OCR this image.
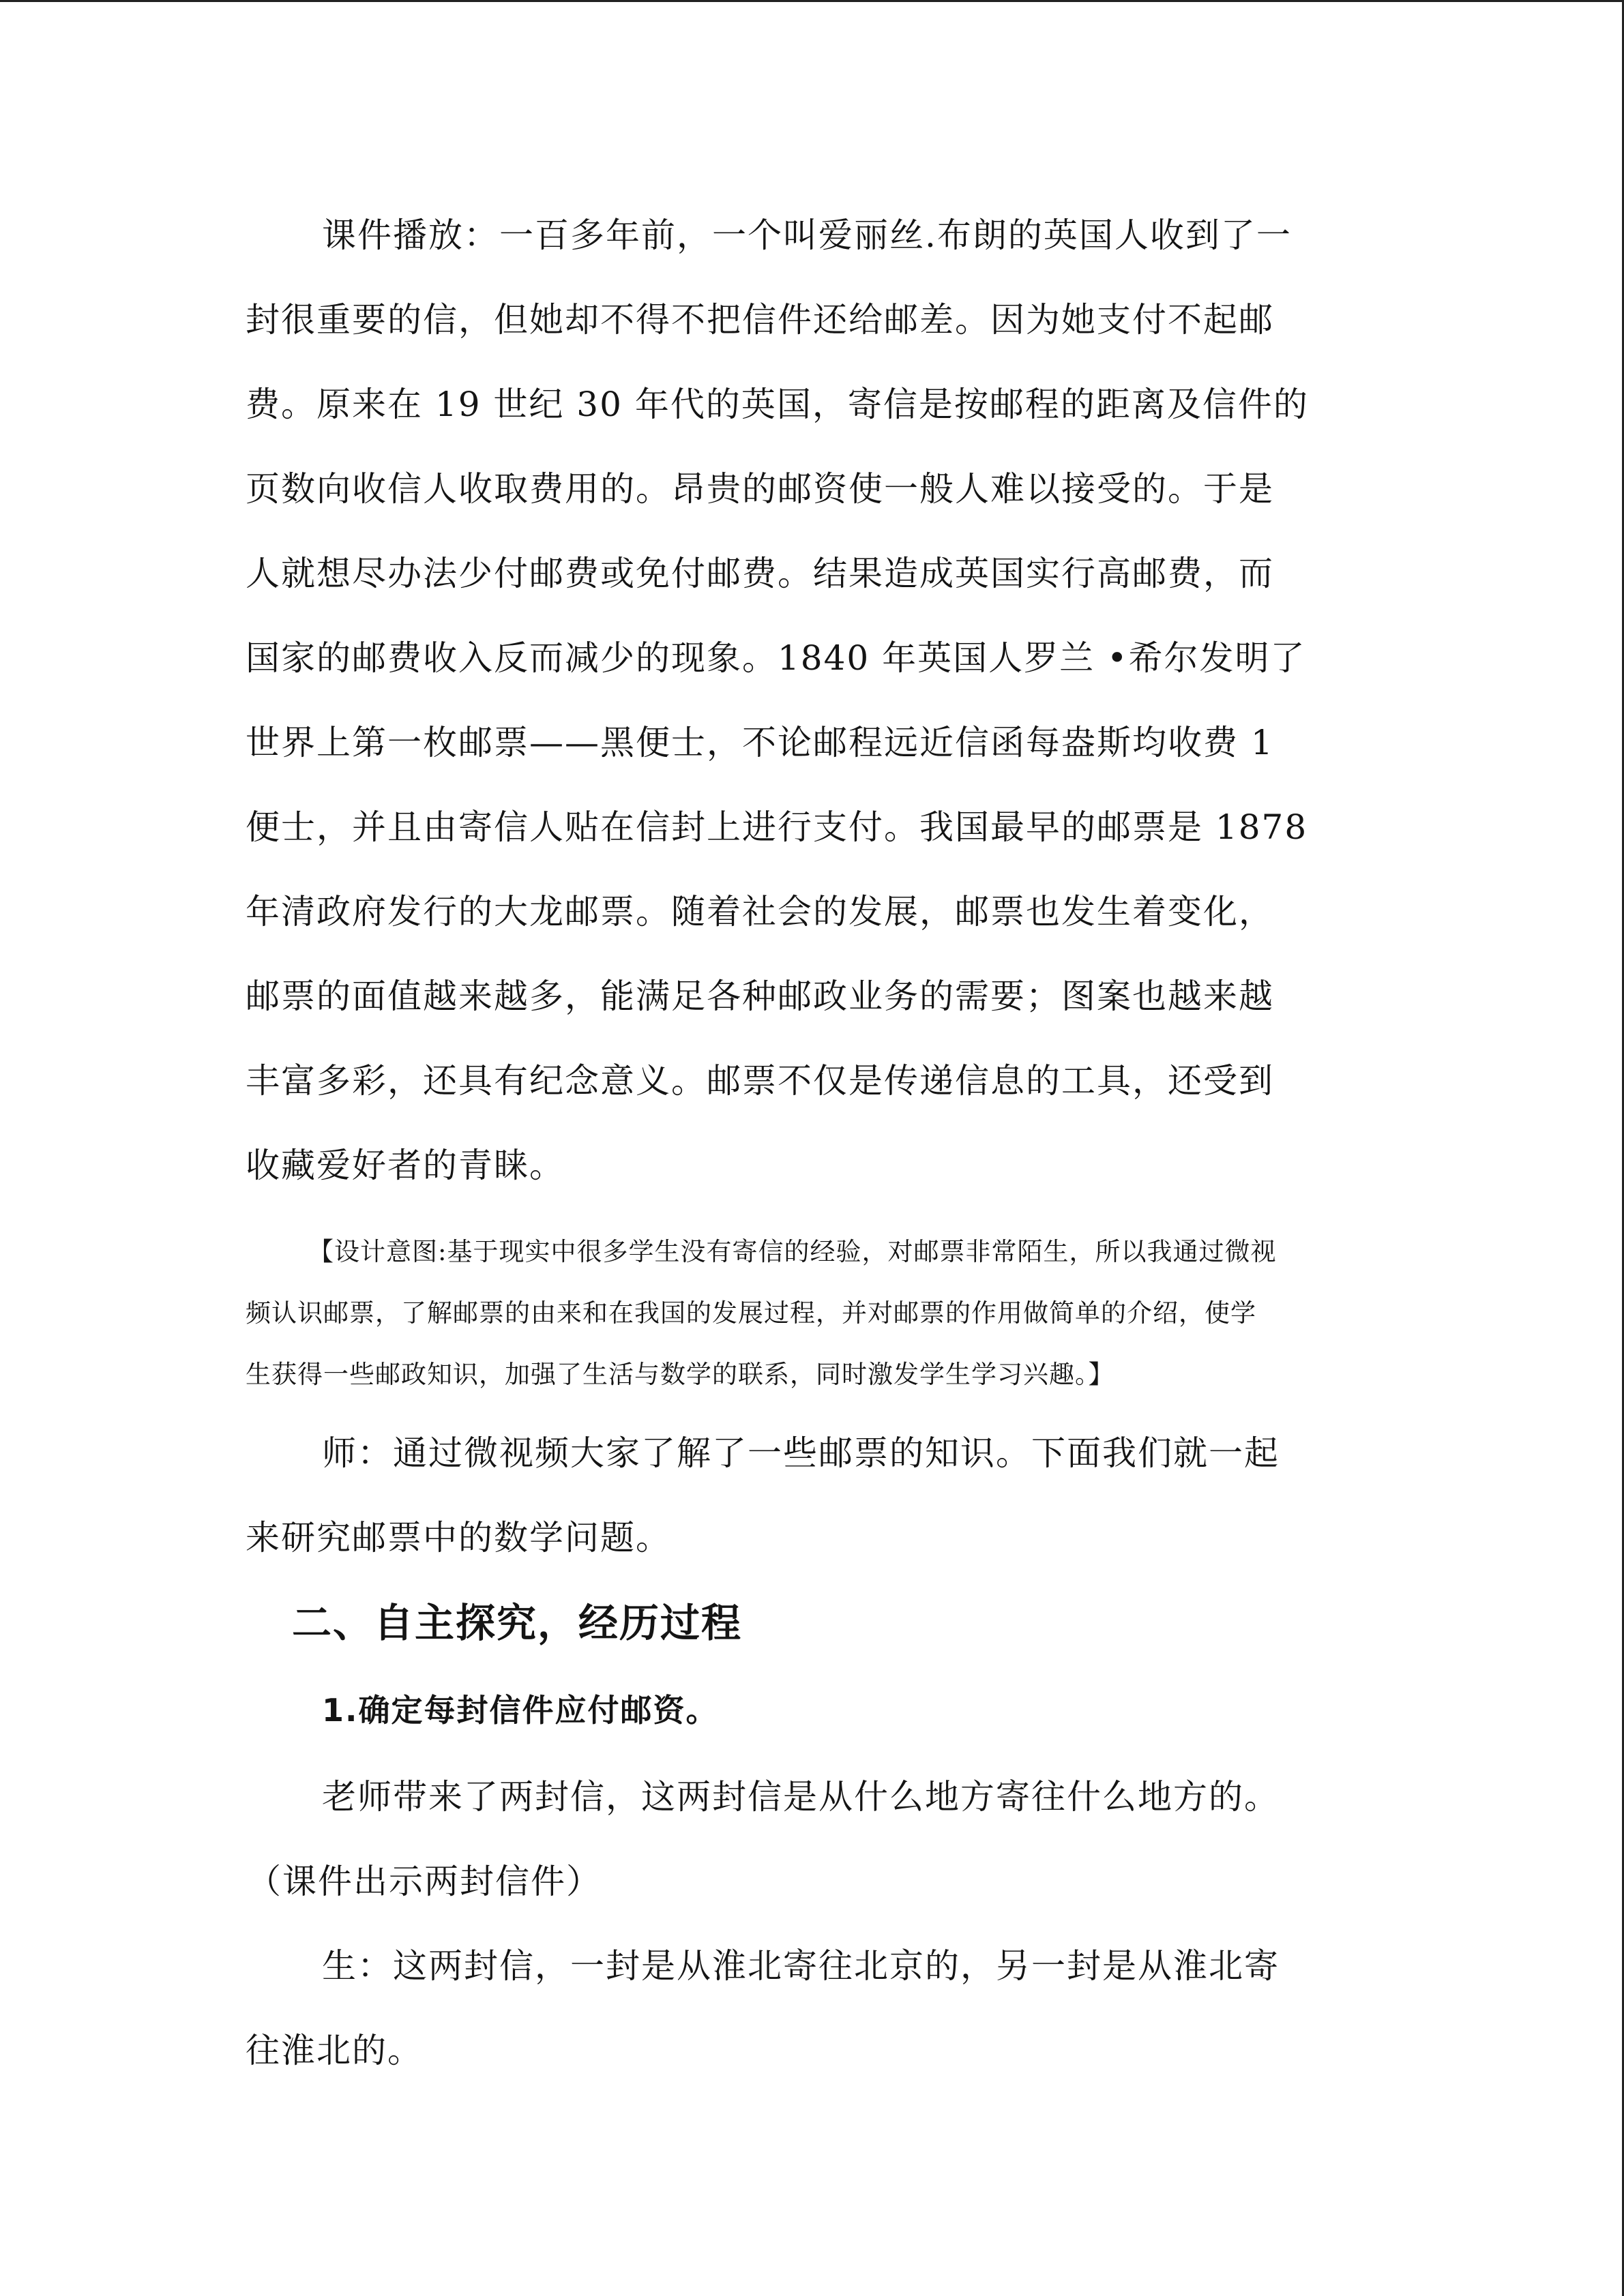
课件播放：一百多年前，一个叫爱丽丝.布朗的英国人收到了一

封很重要的信，但她却不得不把信件还给邮差。因为她支付不起邮

费。原来在 19 世纪 30 年代的英国，寄信是按邮程的距离及信件的

页数向收信人收取费用的。昂贵的邮资使一般人难以接受的。于是

人就想尽办法少付邮费或免付邮费。结果造成英国实行高邮费，而

国家的邮费收入反而减少的现象。1840 年英国人罗兰 •希尔发明了

世界上第一枚邮票——黑便士，不论邮程远近信函每盎斯均收费 1

便士，并且由寄信人贴在信封上进行支付。我国最早的邮票是 1878

年清政府发行的大龙邮票。随着社会的发展，邮票也发生着变化，

邮票的面值越来越多，能满足各种邮政业务的需要；图案也越来越

丰富多彩，还具有纪念意义。邮票不仅是传递信息的工具，还受到

收藏爱好者的青睐。

【设计意图:基于现实中很多学生没有寄信的经验，对邮票非常陌生，所以我通过微视

频认识邮票，了解邮票的由来和在我国的发展过程，并对邮票的作用做简单的介绍，使学

生获得一些邮政知识，加强了生活与数学的联系，同时激发学生学习兴趣。】

师：通过微视频大家了解了一些邮票的知识。下面我们就一起

来研究邮票中的数学问题。

二、自主探究，经历过程

1.确定每封信件应付邮资。

老师带来了两封信，这两封信是从什么地方寄往什么地方的。

（课件出示两封信件）

生：这两封信，一封是从淮北寄往北京的，另一封是从淮北寄

往淮北的。
